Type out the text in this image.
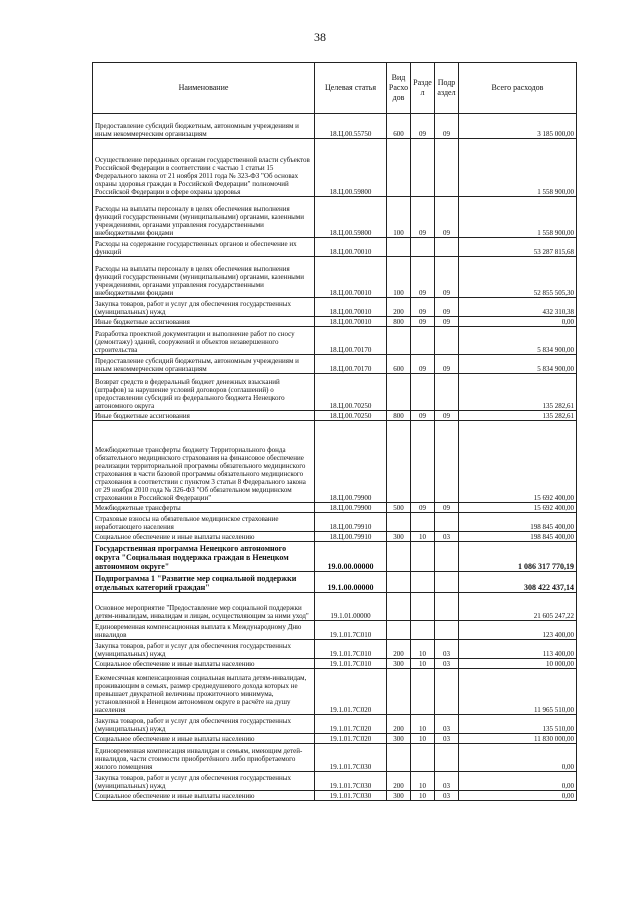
38
Наименование	Целевая статья	Вид Расхо дов	Разде л	Подр аздел	Всего расходов
Предоставление субсидий бюджетным, автономным учреждениям и иным некоммерческим организациям	18.Ц.00.55750	600	09	09	3 185 000,00
Осуществление переданных органам государственной власти субъектов Российской Федерации в соответствии с частью 1 статьи 15 Федерального закона от 21 ноября 2011 года № 323-ФЗ "Об основах охраны здоровья граждан в Российской Федерации" полномочий Российской Федерации в сфере охраны здоровья	18.Ц.00.59800				1 558 900,00
Расходы на выплаты персоналу в целях обеспечения выполнения функций государственными (муниципальными) органами, казенными учреждениями, органами управления государственными внебюджетными фондами	18.Ц.00.59800	100	09	09	1 558 900,00
Расходы на содержание государственных органов и обеспечение их функций	18.Ц.00.70010				53 287 815,68
Расходы на выплаты персоналу в целях обеспечения выполнения функций государственными (муниципальными) органами, казенными учреждениями, органами управления государственными внебюджетными фондами	18.Ц.00.70010	100	09	09	52 855 505,30
Закупка товаров, работ и услуг для обеспечения государственных (муниципальных) нужд	18.Ц.00.70010	200	09	09	432 310,38
Иные бюджетные ассигнования	18.Ц.00.70010	800	09	09	0,00
Разработка проектной документации и выполнение работ по сносу (демонтажу) зданий, сооружений и объектов незавершенного строительства	18.Ц.00.70170				5 834 900,00
Предоставление субсидий бюджетным, автономным учреждениям и иным некоммерческим организациям	18.Ц.00.70170	600	09	09	5 834 900,00
Возврат средств в федеральный бюджет денежных взысканий (штрафов) за нарушение условий договоров (соглашений) о предоставлении субсидий из федерального бюджета Ненецкого автономного округа	18.Ц.00.70250				135 282,61
Иные бюджетные ассигнования	18.Ц.00.70250	800	09	09	135 282,61
Межбюджетные трансферты бюджету Территориального фонда обязательного медицинского страхования на финансовое обеспечение реализации территориальной программы обязательного медицинского страхования в части базовой программы обязательного медицинского страхования в соответствии с пунктом 3 статьи 8 Федерального закона от 29 ноября 2010 года № 326-ФЗ "Об обязательном медицинском страховании в Российской Федерации"	18.Ц.00.79900				15 692 400,00
Межбюджетные трансферты	18.Ц.00.79900	500	09	09	15 692 400,00
Страховые взносы на обязательное медицинское страхование неработающего населения	18.Ц.00.79910				198 845 400,00
Социальное обеспечение и иные выплаты населению	18.Ц.00.79910	300	10	03	198 845 400,00
Государственная программа Ненецкого автономного округа "Социальная поддержка граждан в Ненецком автономном округе"	19.0.00.00000				1 086 317 770,19
Подпрограмма 1 "Развитие мер социальной поддержки отдельных категорий граждан"	19.1.00.00000				308 422 437,14
Основное мероприятие "Предоставление мер социальной поддержки детям-инвалидам, инвалидам и лицам, осуществляющим за ними уход"	19.1.01.00000				21 605 247,22
Единовременная компенсационная выплата к Международному Дню инвалидов	19.1.01.7С010				123 400,00
Закупка товаров, работ и услуг для обеспечения государственных (муниципальных) нужд	19.1.01.7С010	200	10	03	113 400,00
Социальное обеспечение и иные выплаты населению	19.1.01.7С010	300	10	03	10 000,00
Ежемесячная компенсационная социальная выплата детям-инвалидам, проживающим в семьях, размер среднедушевого дохода которых не превышает двукратной величины прожиточного минимума, установленной в Ненецком автономном округе в расчёте на душу населения	19.1.01.7С020				11 965 510,00
Закупка товаров, работ и услуг для обеспечения государственных (муниципальных) нужд	19.1.01.7С020	200	10	03	135 510,00
Социальное обеспечение и иные выплаты населению	19.1.01.7С020	300	10	03	11 830 000,00
Единовременная компенсация инвалидам и семьям, имеющим детей-инвалидов, части стоимости приобретённого либо приобретаемого жилого помещения	19.1.01.7С030				0,00
Закупка товаров, работ и услуг для обеспечения государственных (муниципальных) нужд	19.1.01.7С030	200	10	03	0,00
Социальное обеспечение и иные выплаты населению	19.1.01.7С030	300	10	03	0,00
